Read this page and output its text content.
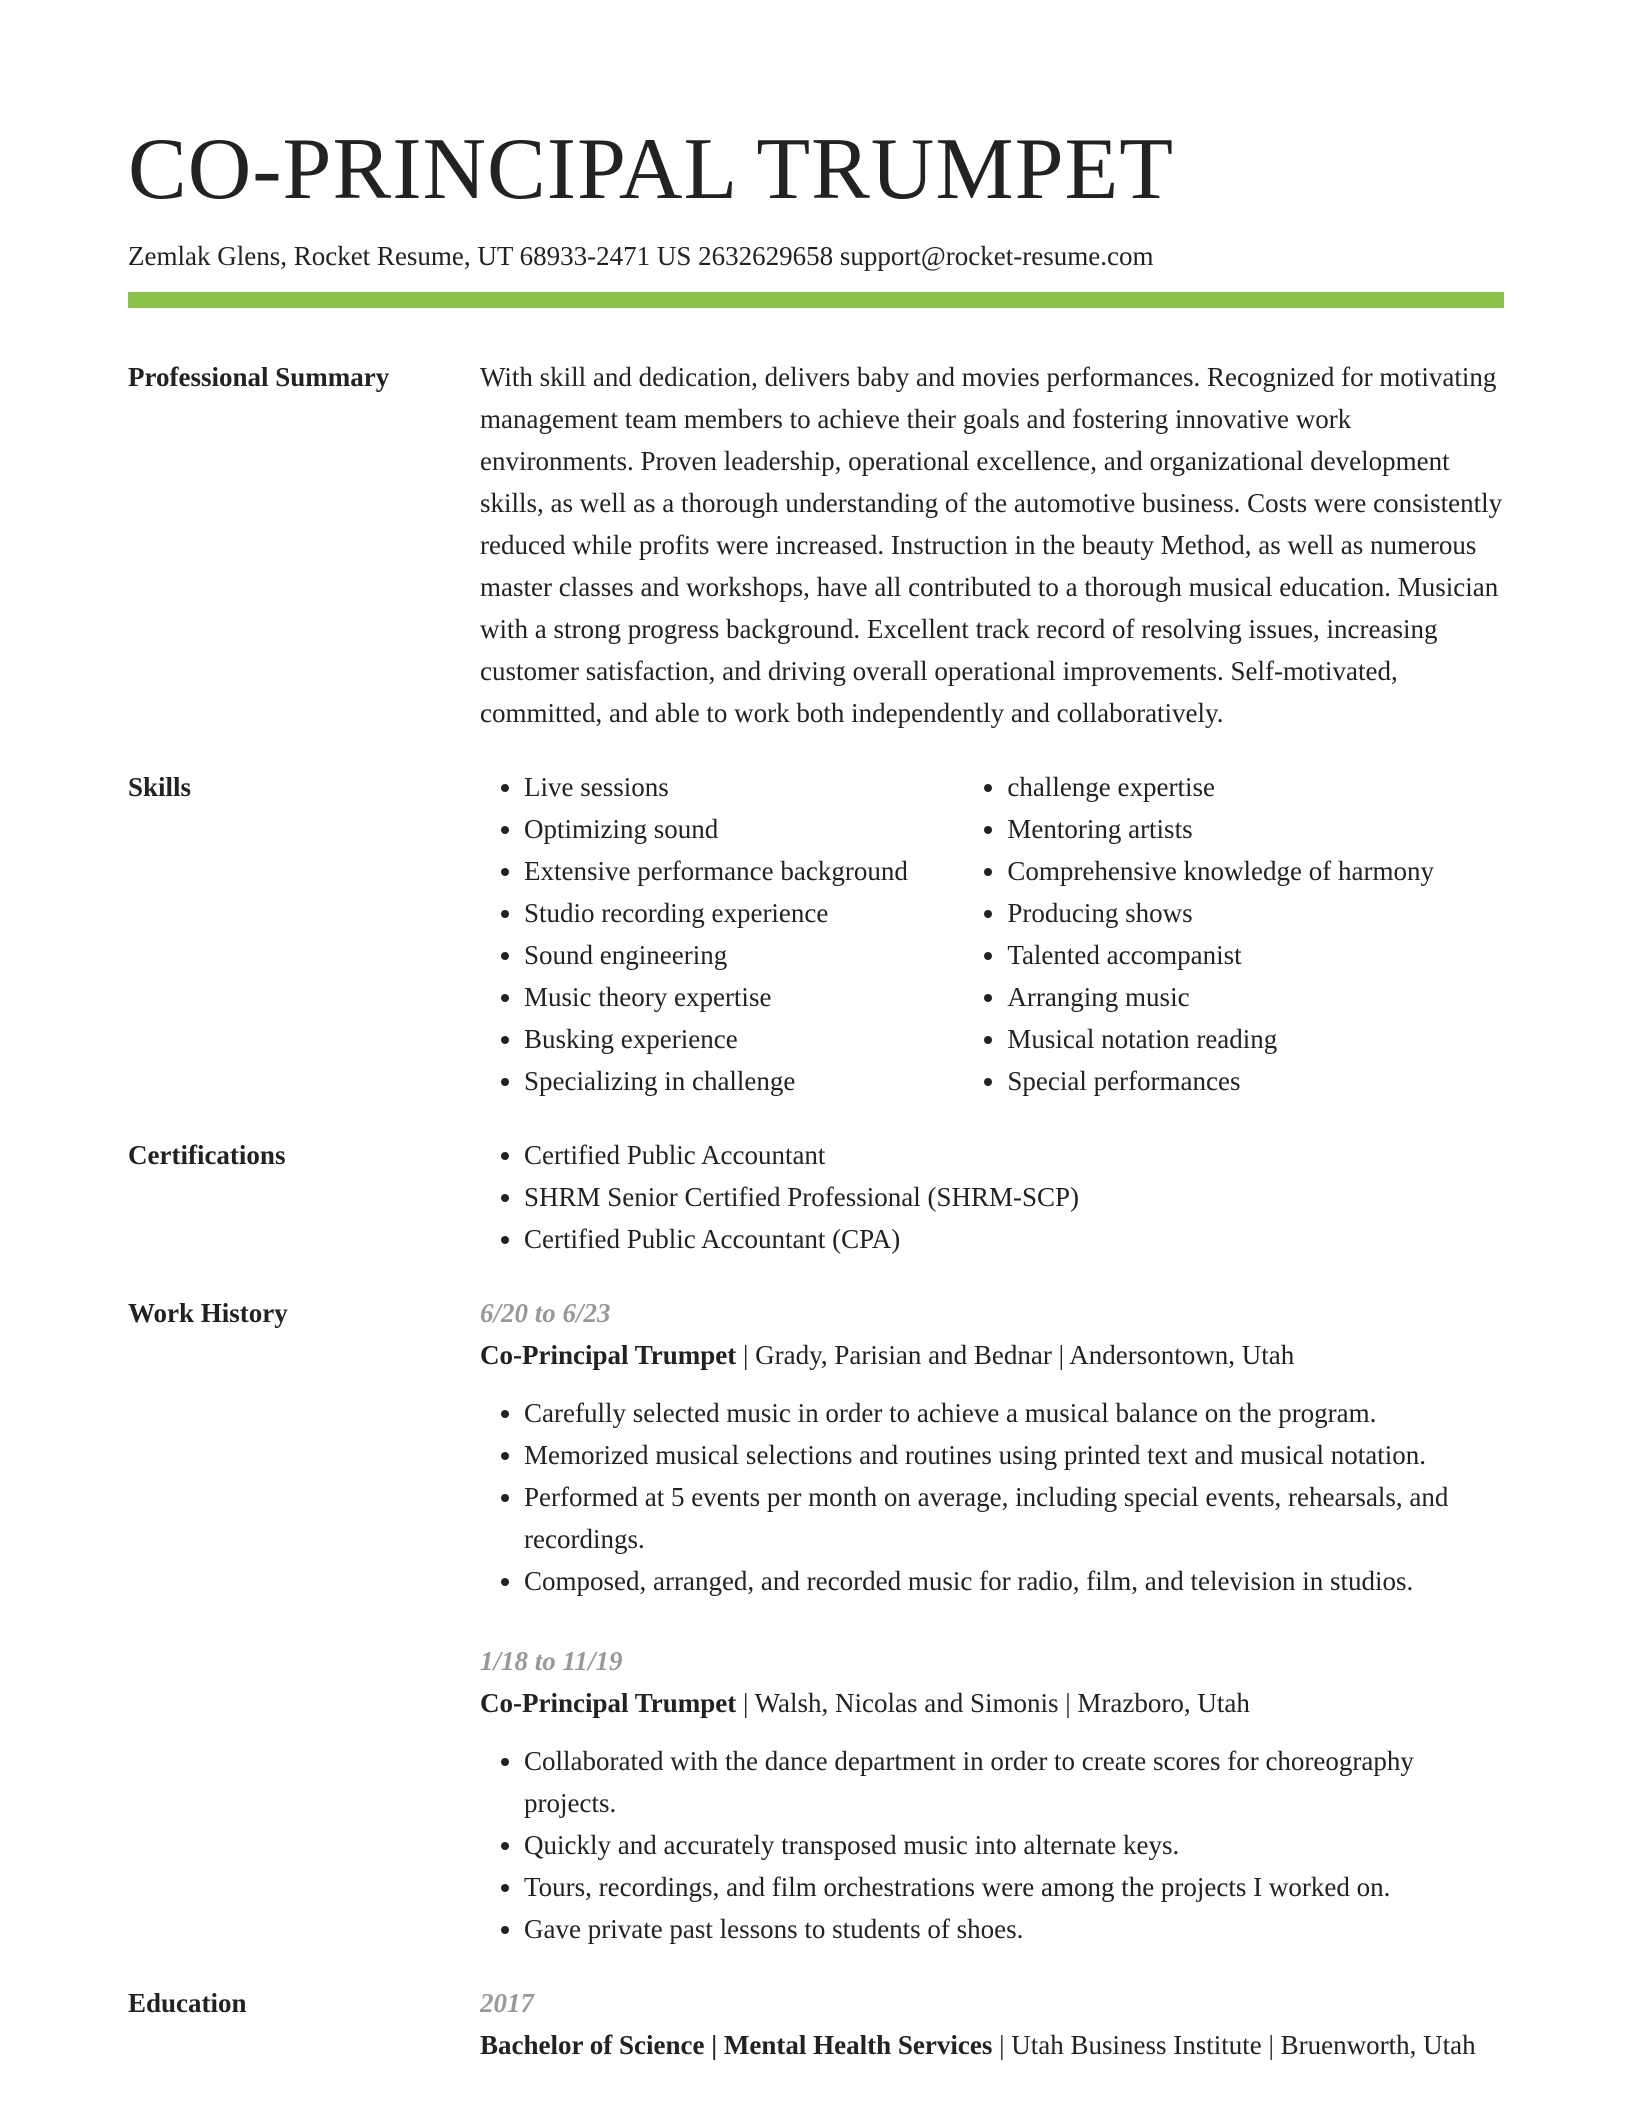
CO-PRINCIPAL TRUMPET
Zemlak Glens, Rocket Resume, UT 68933-2471 US 2632629658 support@rocket-resume.com
Professional Summary	With skill and dedication, delivers baby and movies performances. Recognized for motivating management team members to achieve their goals and fostering innovative work environments. Proven leadership, operational excellence, and organizational development skills, as well as a thorough understanding of the automotive business. Costs were consistently reduced while profits were increased. Instruction in the beauty Method, as well as numerous master classes and workshops, have all contributed to a thorough musical education. Musician with a strong progress background. Excellent track record of resolving issues, increasing customer satisfaction, and driving overall operational improvements. Self-motivated, committed, and able to work both independently and collaboratively.
Skills	• Live sessions
• Optimizing sound
• Extensive performance background
• Studio recording experience
• Sound engineering
• Music theory expertise
• Busking experience
• Specializing in challenge
• challenge expertise
• Mentoring artists
• Comprehensive knowledge of harmony
• Producing shows
• Talented accompanist
• Arranging music
• Musical notation reading
• Special performances
Certifications	• Certified Public Accountant
• SHRM Senior Certified Professional (SHRM-SCP)
• Certified Public Accountant (CPA)
Work History	6/20 to 6/23
Co-Principal Trumpet | Grady, Parisian and Bednar | Andersontown, Utah
• Carefully selected music in order to achieve a musical balance on the program.
• Memorized musical selections and routines using printed text and musical notation.
• Performed at 5 events per month on average, including special events, rehearsals, and recordings.
• Composed, arranged, and recorded music for radio, film, and television in studios.
1/18 to 11/19
Co-Principal Trumpet | Walsh, Nicolas and Simonis | Mrazboro, Utah
• Collaborated with the dance department in order to create scores for choreography projects.
• Quickly and accurately transposed music into alternate keys.
• Tours, recordings, and film orchestrations were among the projects I worked on.
• Gave private past lessons to students of shoes.
Education	2017
Bachelor of Science | Mental Health Services | Utah Business Institute | Bruenworth, Utah
